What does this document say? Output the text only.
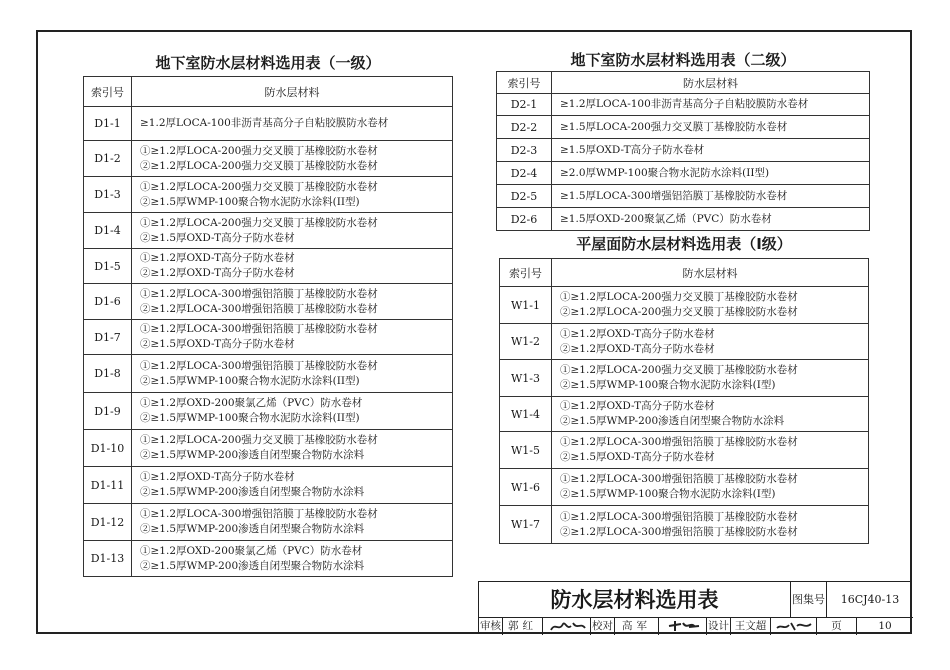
地下室防水层材料选用表（一级）
索引号	防水层材料
D1-1	≥1.2厚LOCA-100非沥青基高分子自粘胶膜防水卷材

D1-2	①≥1.2厚LOCA-200强力交叉膜丁基橡胶防水卷材
②≥1.2厚LOCA-200强力交叉膜丁基橡胶防水卷材

D1-3	①≥1.2厚LOCA-200强力交叉膜丁基橡胶防水卷材
②≥1.5厚WMP-100聚合物水泥防水涂料(II型)

D1-4	①≥1.2厚LOCA-200强力交叉膜丁基橡胶防水卷材
②≥1.5厚OXD-T高分子防水卷材

D1-5	①≥1.2厚OXD-T高分子防水卷材
②≥1.2厚OXD-T高分子防水卷材

D1-6	①≥1.2厚LOCA-300增强铝箔膜丁基橡胶防水卷材
②≥1.2厚LOCA-300增强铝箔膜丁基橡胶防水卷材

D1-7	①≥1.2厚LOCA-300增强铝箔膜丁基橡胶防水卷材
②≥1.5厚OXD-T高分子防水卷材

D1-8	①≥1.2厚LOCA-300增强铝箔膜丁基橡胶防水卷材
②≥1.5厚WMP-100聚合物水泥防水涂料(II型)

D1-9	①≥1.2厚OXD-200聚氯乙烯（PVC）防水卷材
②≥1.5厚WMP-100聚合物水泥防水涂料(II型)

D1-10	①≥1.2厚LOCA-200强力交叉膜丁基橡胶防水卷材
②≥1.5厚WMP-200渗透自闭型聚合物防水涂料

D1-11	①≥1.2厚OXD-T高分子防水卷材
②≥1.5厚WMP-200渗透自闭型聚合物防水涂料

D1-12	①≥1.2厚LOCA-300增强铝箔膜丁基橡胶防水卷材
②≥1.5厚WMP-200渗透自闭型聚合物防水涂料

D1-13	①≥1.2厚OXD-200聚氯乙烯（PVC）防水卷材
②≥1.5厚WMP-200渗透自闭型聚合物防水涂料
地下室防水层材料选用表（二级）
索引号	防水层材料
D2-1	≥1.2厚LOCA-100非沥青基高分子自粘胶膜防水卷材

D2-2	≥1.5厚LOCA-200强力交叉膜丁基橡胶防水卷材

D2-3	≥1.5厚OXD-T高分子防水卷材

D2-4	≥2.0厚WMP-100聚合物水泥防水涂料(II型)

D2-5	≥1.5厚LOCA-300增强铝箔膜丁基橡胶防水卷材

D2-6	≥1.5厚OXD-200聚氯乙烯（PVC）防水卷材
平屋面防水层材料选用表（Ⅰ级）
索引号	防水层材料
W1-1	①≥1.2厚LOCA-200强力交叉膜丁基橡胶防水卷材
②≥1.2厚LOCA-200强力交叉膜丁基橡胶防水卷材

W1-2	①≥1.2厚OXD-T高分子防水卷材
②≥1.2厚OXD-T高分子防水卷材

W1-3	①≥1.2厚LOCA-200强力交叉膜丁基橡胶防水卷材
②≥1.5厚WMP-100聚合物水泥防水涂料(I型)

W1-4	①≥1.2厚OXD-T高分子防水卷材
②≥1.5厚WMP-200渗透自闭型聚合物防水涂料

W1-5	①≥1.2厚LOCA-300增强铝箔膜丁基橡胶防水卷材
②≥1.5厚OXD-T高分子防水卷材

W1-6	①≥1.2厚LOCA-300增强铝箔膜丁基橡胶防水卷材
②≥1.5厚WMP-100聚合物水泥防水涂料(I型)

W1-7	①≥1.2厚LOCA-300增强铝箔膜丁基橡胶防水卷材
②≥1.2厚LOCA-300增强铝箔膜丁基橡胶防水卷材
防水层材料选用表	图集号	16CJ40-13
审核 郭红	校对 高军	设计 王文超	页	10
